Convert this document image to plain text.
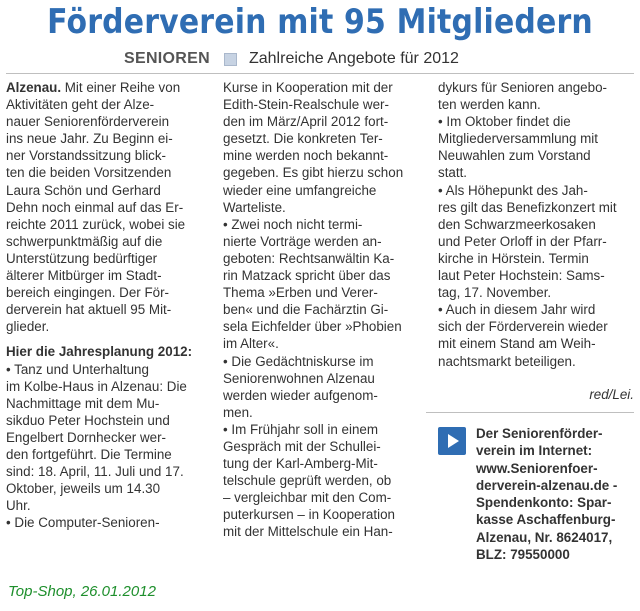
Förderverein mit 95 Mitgliedern
SENIOREN Zahlreiche Angebote für 2012
Alzenau. Mit einer Reihe von
Aktivitäten geht der Alze-
nauer Seniorenförderverein
ins neue Jahr. Zu Beginn ei-
ner Vorstandssitzung blick-
ten die beiden Vorsitzenden
Laura Schön und Gerhard
Dehn noch einmal auf das Er-
reichte 2011 zurück, wobei sie
schwerpunktmäßig auf die
Unterstützung bedürftiger
älterer Mitbürger im Stadt-
bereich eingingen. Der För-
derverein hat aktuell 95 Mit-
glieder.
Hier die Jahresplanung 2012:
• Tanz und Unterhaltung
im Kolbe-Haus in Alzenau: Die
Nachmittage mit dem Mu-
sikduo Peter Hochstein und
Engelbert Dornhecker wer-
den fortgeführt. Die Termine
sind: 18. April, 11. Juli und 17.
Oktober, jeweils um 14.30
Uhr.
• Die Computer-Senioren-
Kurse in Kooperation mit der
Edith-Stein-Realschule wer-
den im März/April 2012 fort-
gesetzt. Die konkreten Ter-
mine werden noch bekannt-
gegeben. Es gibt hierzu schon
wieder eine umfangreiche
Warteliste.
• Zwei noch nicht termi-
nierte Vorträge werden an-
geboten: Rechtsanwältin Ka-
rin Matzack spricht über das
Thema »Erben und Verer-
ben« und die Fachärztin Gi-
sela Eichfelder über »Phobien
im Alter«.
• Die Gedächtniskurse im
Seniorenwohnen Alzenau
werden wieder aufgenom-
men.
• Im Frühjahr soll in einem
Gespräch mit der Schullei-
tung der Karl-Amberg-Mit-
telschule geprüft werden, ob
– vergleichbar mit den Com-
puterkursen – in Kooperation
mit der Mittelschule ein Han-
dykurs für Senioren angebo-
ten werden kann.
• Im Oktober findet die
Mitgliederversammlung mit
Neuwahlen zum Vorstand
statt.
• Als Höhepunkt des Jah-
res gilt das Benefizkonzert mit
den Schwarzmeerkosaken
und Peter Orloff in der Pfarr-
kirche in Hörstein. Termin
laut Peter Hochstein: Sams-
tag, 17. November.
• Auch in diesem Jahr wird
sich der Förderverein wieder
mit einem Stand am Weih-
nachtsmarkt beteiligen.
red/Lei.
Der Seniorenförder-
verein im Internet:
www.Seniorenfoer-
derverein-alzenau.de -
Spendenkonto: Spar-
kasse Aschaffenburg-
Alzenau, Nr. 8624017,
BLZ: 79550000
Top-Shop, 26.01.2012
